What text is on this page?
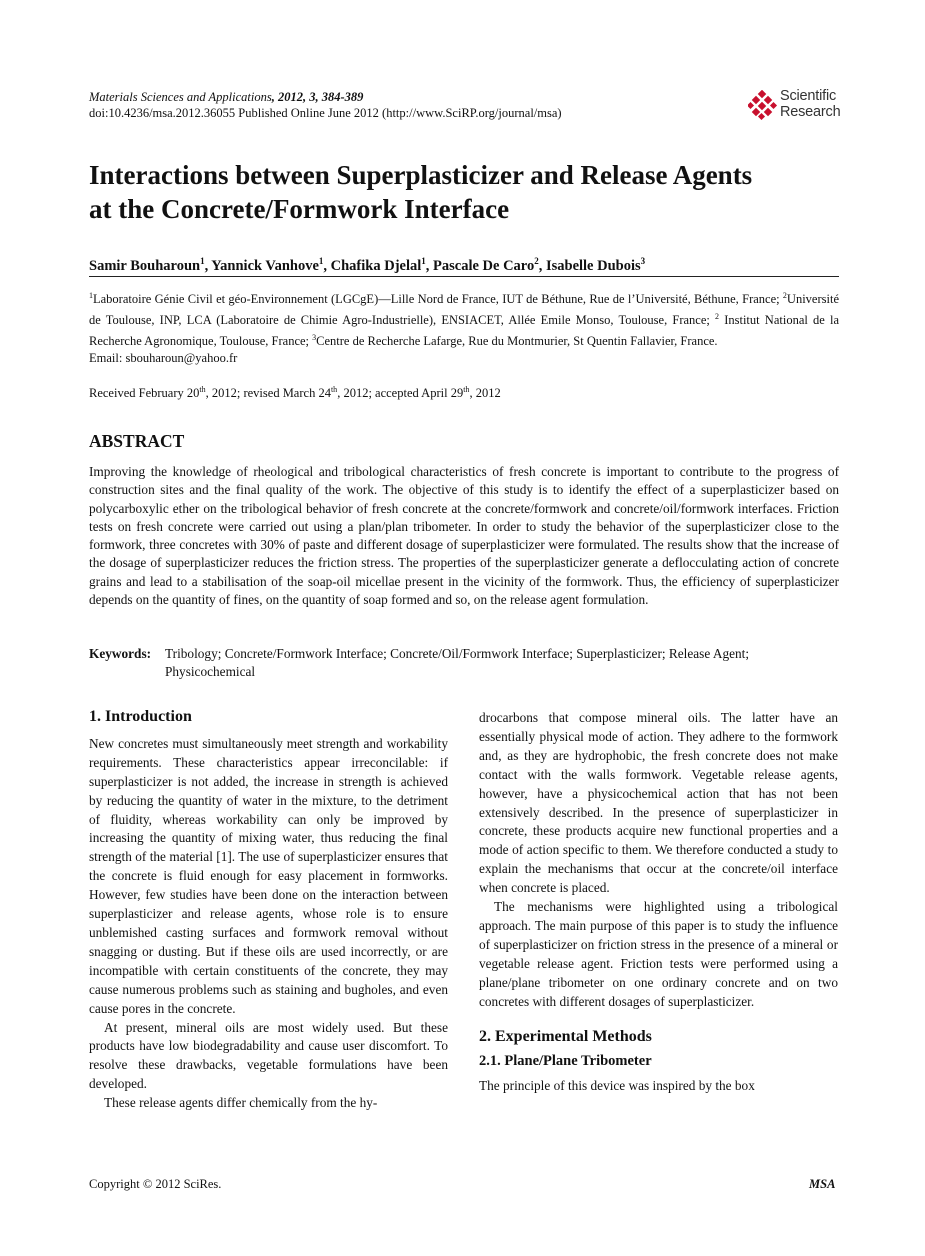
Materials Sciences and Applications, 2012, 3, 384-389
doi:10.4236/msa.2012.36055 Published Online June 2012 (http://www.SciRP.org/journal/msa)
Scientific
Research
Interactions between Superplasticizer and Release Agents
at the Concrete/Formwork Interface
Samir Bouharoun$^1$, Yannick Vanhove$^1$, Chafika Djelal$^1$, Pascale De Caro$^2$, Isabelle Dubois$^3$
$^1$Laboratoire Génie Civil et géo-Environnement (LGCgE)—Lille Nord de France, IUT de Béthune, Rue de l’Université, Béthune, France; $^2$Université de Toulouse, INP, LCA (Laboratoire de Chimie Agro-Industrielle), ENSIACET, Allée Emile Monso, Toulouse, France; $^2$ Institut National de la Recherche Agronomique, Toulouse, France; $^3$Centre de Recherche Lafarge, Rue du Montmurier, St Quentin Fallavier, France.
Email: sbouharoun@yahoo.fr
Received February 20th, 2012; revised March 24th, 2012; accepted April 29th, 2012
ABSTRACT
Improving the knowledge of rheological and tribological characteristics of fresh concrete is important to contribute to the progress of construction sites and the final quality of the work. The objective of this study is to identify the effect of a superplasticizer based on polycarboxylic ether on the tribological behavior of fresh concrete at the concrete/formwork and concrete/oil/formwork interfaces. Friction tests on fresh concrete were carried out using a plan/plan tribometer. In order to study the behavior of the superplasticizer close to the formwork, three concretes with 30% of paste and different dosage of superplasticizer were formulated. The results show that the increase of the dosage of superplasticizer reduces the friction stress. The properties of the superplasticizer generate a deflocculating action of concrete grains and lead to a stabilisation of the soap-oil micellae present in the vicinity of the formwork. Thus, the efficiency of superplasticizer depends on the quantity of fines, on the quantity of soap formed and so, on the release agent formulation.
Keywords: Tribology; Concrete/Formwork Interface; Concrete/Oil/Formwork Interface; Superplasticizer; Release Agent; Physicochemical
1. Introduction

New concretes must simultaneously meet strength and workability requirements. These characteristics appear irreconcilable: if superplasticizer is not added, the increase in strength is achieved by reducing the quantity of water in the mixture, to the detriment of fluidity, whereas workability can only be improved by increasing the quantity of mixing water, thus reducing the final strength of the material [1]. The use of superplasticizer ensures that the concrete is fluid enough for easy placement in formworks. However, few studies have been done on the interaction between superplasticizer and release agents, whose role is to ensure unblemished casting surfaces and formwork removal without snagging or dusting. But if these oils are used incorrectly, or are incompatible with certain constituents of the concrete, they may cause numerous problems such as staining and bugholes, and even cause pores in the concrete.

At present, mineral oils are most widely used. But these products have low biodegradability and cause user discomfort. To resolve these drawbacks, vegetable formulations have been developed.

These release agents differ chemically from the hy-

drocarbons that compose mineral oils. The latter have an essentially physical mode of action. They adhere to the formwork and, as they are hydrophobic, the fresh concrete does not make contact with the walls formwork. Vegetable release agents, however, have a physicochemical action that has not been extensively described. In the presence of superplasticizer in concrete, these products acquire new functional properties and a mode of action specific to them. We therefore conducted a study to explain the mechanisms that occur at the concrete/oil interface when concrete is placed.

The mechanisms were highlighted using a tribological approach. The main purpose of this paper is to study the influence of superplasticizer on friction stress in the presence of a mineral or vegetable release agent. Friction tests were performed using a plane/plane tribometer on one ordinary concrete and on two concretes with different dosages of superplasticizer.

2. Experimental Methods
2.1. Plane/Plane Tribometer

The principle of this device was inspired by the box

Copyright © 2012 SciRes.	MSA
